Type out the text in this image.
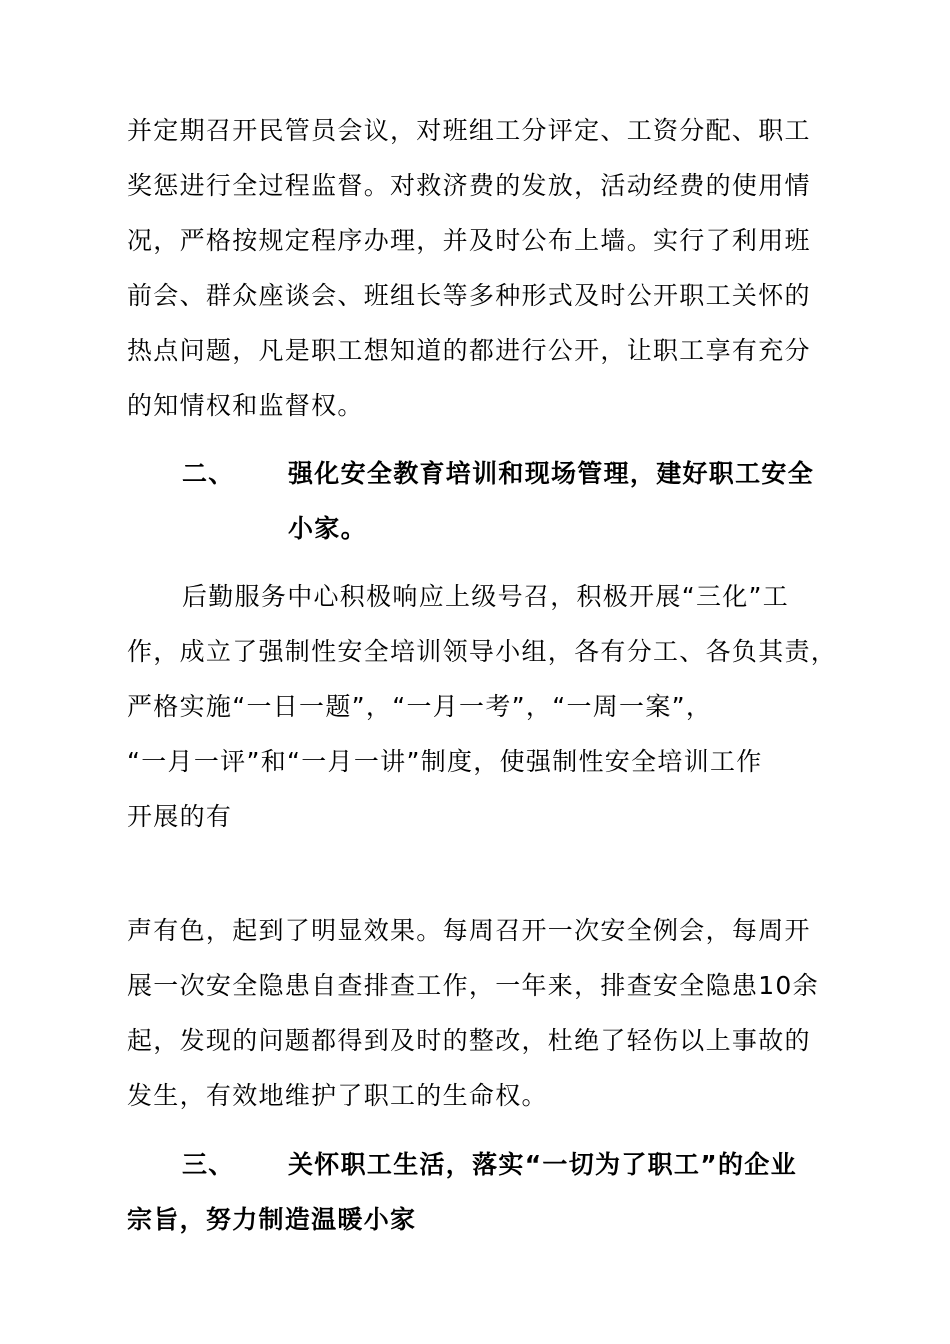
并定期召开民管员会议，对班组工分评定、工资分配、职工
奖惩进行全过程监督。对救济费的发放，活动经费的使用情
况，严格按规定程序办理，并及时公布上墙。实行了利用班
前会、群众座谈会、班组长等多种形式及时公开职工关怀的
热点问题，凡是职工想知道的都进行公开，让职工享有充分
的知情权和监督权。
二、 强化安全教育培训和现场管理，建好职工安全
小家。
后勤服务中心积极响应上级号召，积极开展“三化”工
作，成立了强制性安全培训领导小组，各有分工、各负其责，
严格实施“一日一题”，“一月一考”，“一周一案”，
“一月一评”和“一月一讲”制度，使强制性安全培训工作
开展的有
声有色，起到了明显效果。每周召开一次安全例会，每周开
展一次安全隐患自查排查工作，一年来，排查安全隐患10余
起，发现的问题都得到及时的整改，杜绝了轻伤以上事故的
发生，有效地维护了职工的生命权。
三、 关怀职工生活，落实“一切为了职工”的企业
宗旨，努力制造温暖小家
